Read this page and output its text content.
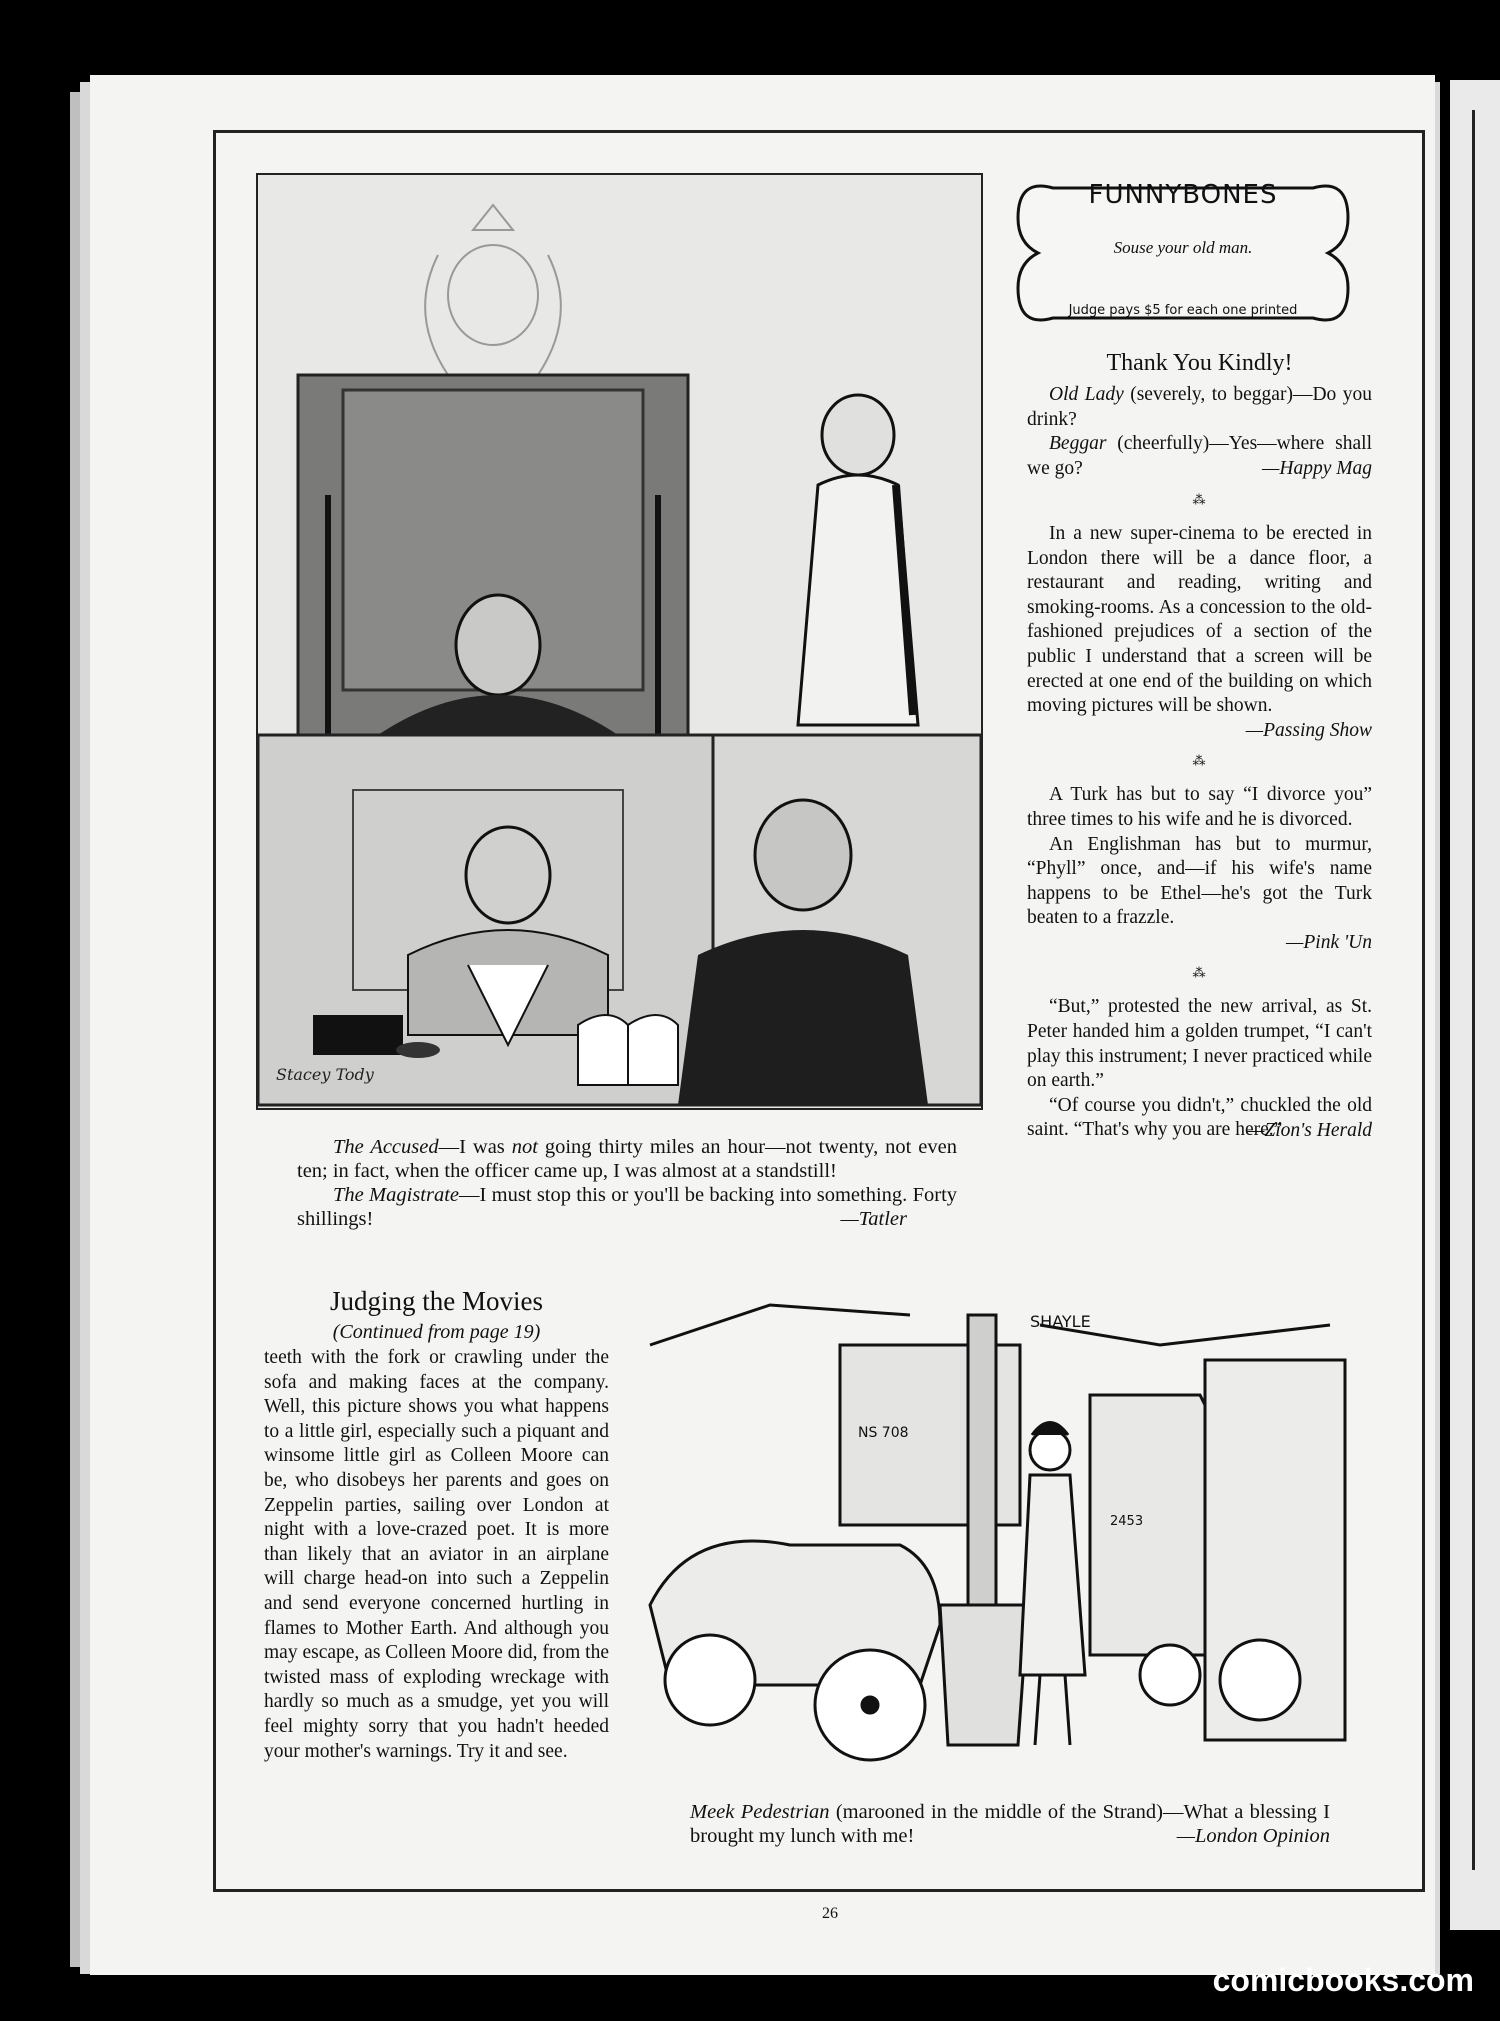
Stacey Tody
The Accused—I was not going thirty miles an hour—not twenty, not even ten; in fact, when the officer came up, I was almost at a standstill!
The Magistrate—I must stop this or you'll be backing into something. Forty shillings!	—Tatler
FUNNYBONES
Souse your old man.
Judge pays $5 for each one printed
Thank You Kindly!

Old Lady (severely, to beggar)—Do you drink?

Beggar (cheerfully)—Yes—where shall we go?	—Happy Mag

⁂

In a new super-cinema to be erected in London there will be a dance floor, a restaurant and reading, writing and smoking-rooms. As a concession to the old-fashioned prejudices of a section of the public I understand that a screen will be erected at one end of the building on which moving pictures will be shown.

—Passing Show

⁂

A Turk has but to say “I divorce you” three times to his wife and he is divorced.

An Englishman has but to murmur, “Phyll” once, and—if his wife's name happens to be Ethel—he's got the Turk beaten to a frazzle.

—Pink 'Un

⁂

“But,” protested the new arrival, as St. Peter handed him a golden trumpet, “I can't play this instrument; I never practiced while on earth.”

“Of course you didn't,” chuckled the old saint. “That's why you are here.”

—Zion's Herald

Judging the Movies
(Continued from page 19)

teeth with the fork or crawling under the sofa and making faces at the company. Well, this picture shows you what happens to a little girl, especially such a piquant and winsome little girl as Colleen Moore can be, who disobeys her parents and goes on Zeppelin parties, sailing over London at night with a love-crazed poet. It is more than likely that an aviator in an airplane will charge head-on into such a Zeppelin and send everyone concerned hurtling in flames to Mother Earth. And although you may escape, as Colleen Moore did, from the twisted mass of exploding wreckage with hardly so much as a smudge, yet you will feel mighty sorry that you hadn't heeded your mother's warnings. Try it and see.

SHAYLE
NS 708
2453
Meek Pedestrian (marooned in the middle of the Strand)—What a blessing I brought my lunch with me!	—London Opinion
26
comicbooks.com
